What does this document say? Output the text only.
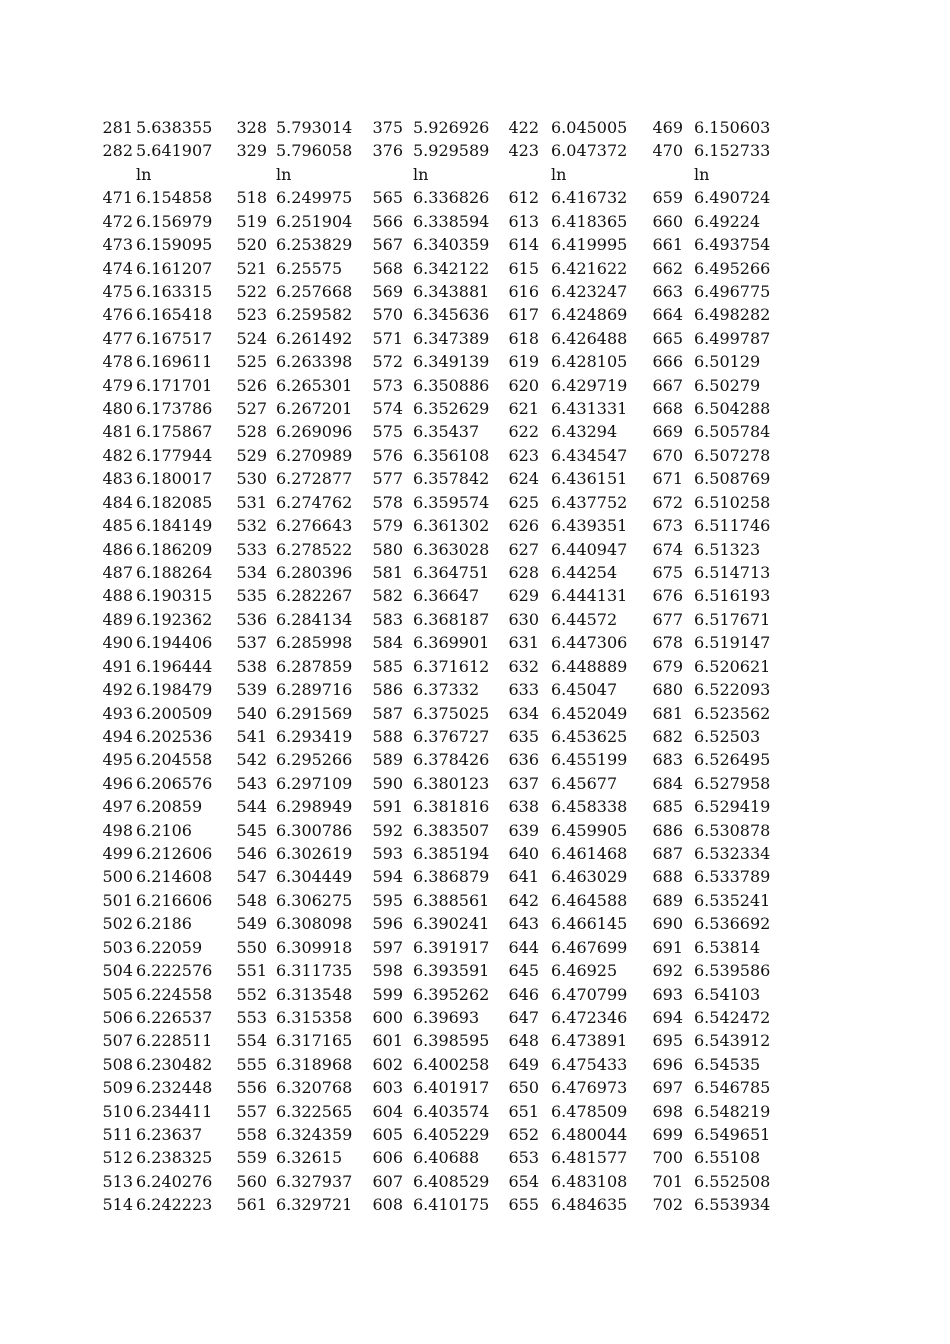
281 5.638355	328 5.793014	375 5.926926	422 6.045005	469 6.150603
282 5.641907	329 5.796058	376 5.929589	423 6.047372	470 6.152733
ln	ln	ln	ln	ln
471 6.154858	518 6.249975	565 6.336826	612 6.416732	659 6.490724
472 6.156979	519 6.251904	566 6.338594	613 6.418365	660 6.49224
473 6.159095	520 6.253829	567 6.340359	614 6.419995	661 6.493754
474 6.161207	521 6.25575	568 6.342122	615 6.421622	662 6.495266
475 6.163315	522 6.257668	569 6.343881	616 6.423247	663 6.496775
476 6.165418	523 6.259582	570 6.345636	617 6.424869	664 6.498282
477 6.167517	524 6.261492	571 6.347389	618 6.426488	665 6.499787
478 6.169611	525 6.263398	572 6.349139	619 6.428105	666 6.50129
479 6.171701	526 6.265301	573 6.350886	620 6.429719	667 6.50279
480 6.173786	527 6.267201	574 6.352629	621 6.431331	668 6.504288
481 6.175867	528 6.269096	575 6.35437	622 6.43294	669 6.505784
482 6.177944	529 6.270989	576 6.356108	623 6.434547	670 6.507278
483 6.180017	530 6.272877	577 6.357842	624 6.436151	671 6.508769
484 6.182085	531 6.274762	578 6.359574	625 6.437752	672 6.510258
485 6.184149	532 6.276643	579 6.361302	626 6.439351	673 6.511746
486 6.186209	533 6.278522	580 6.363028	627 6.440947	674 6.51323
487 6.188264	534 6.280396	581 6.364751	628 6.44254	675 6.514713
488 6.190315	535 6.282267	582 6.36647	629 6.444131	676 6.516193
489 6.192362	536 6.284134	583 6.368187	630 6.44572	677 6.517671
490 6.194406	537 6.285998	584 6.369901	631 6.447306	678 6.519147
491 6.196444	538 6.287859	585 6.371612	632 6.448889	679 6.520621
492 6.198479	539 6.289716	586 6.37332	633 6.45047	680 6.522093
493 6.200509	540 6.291569	587 6.375025	634 6.452049	681 6.523562
494 6.202536	541 6.293419	588 6.376727	635 6.453625	682 6.52503
495 6.204558	542 6.295266	589 6.378426	636 6.455199	683 6.526495
496 6.206576	543 6.297109	590 6.380123	637 6.45677	684 6.527958
497 6.20859	544 6.298949	591 6.381816	638 6.458338	685 6.529419
498 6.2106	545 6.300786	592 6.383507	639 6.459905	686 6.530878
499 6.212606	546 6.302619	593 6.385194	640 6.461468	687 6.532334
500 6.214608	547 6.304449	594 6.386879	641 6.463029	688 6.533789
501 6.216606	548 6.306275	595 6.388561	642 6.464588	689 6.535241
502 6.2186	549 6.308098	596 6.390241	643 6.466145	690 6.536692
503 6.22059	550 6.309918	597 6.391917	644 6.467699	691 6.53814
504 6.222576	551 6.311735	598 6.393591	645 6.46925	692 6.539586
505 6.224558	552 6.313548	599 6.395262	646 6.470799	693 6.54103
506 6.226537	553 6.315358	600 6.39693	647 6.472346	694 6.542472
507 6.228511	554 6.317165	601 6.398595	648 6.473891	695 6.543912
508 6.230482	555 6.318968	602 6.400258	649 6.475433	696 6.54535
509 6.232448	556 6.320768	603 6.401917	650 6.476973	697 6.546785
510 6.234411	557 6.322565	604 6.403574	651 6.478509	698 6.548219
511 6.23637	558 6.324359	605 6.405229	652 6.480044	699 6.549651
512 6.238325	559 6.32615	606 6.40688	653 6.481577	700 6.55108
513 6.240276	560 6.327937	607 6.408529	654 6.483108	701 6.552508
514 6.242223	561 6.329721	608 6.410175	655 6.484635	702 6.553934
